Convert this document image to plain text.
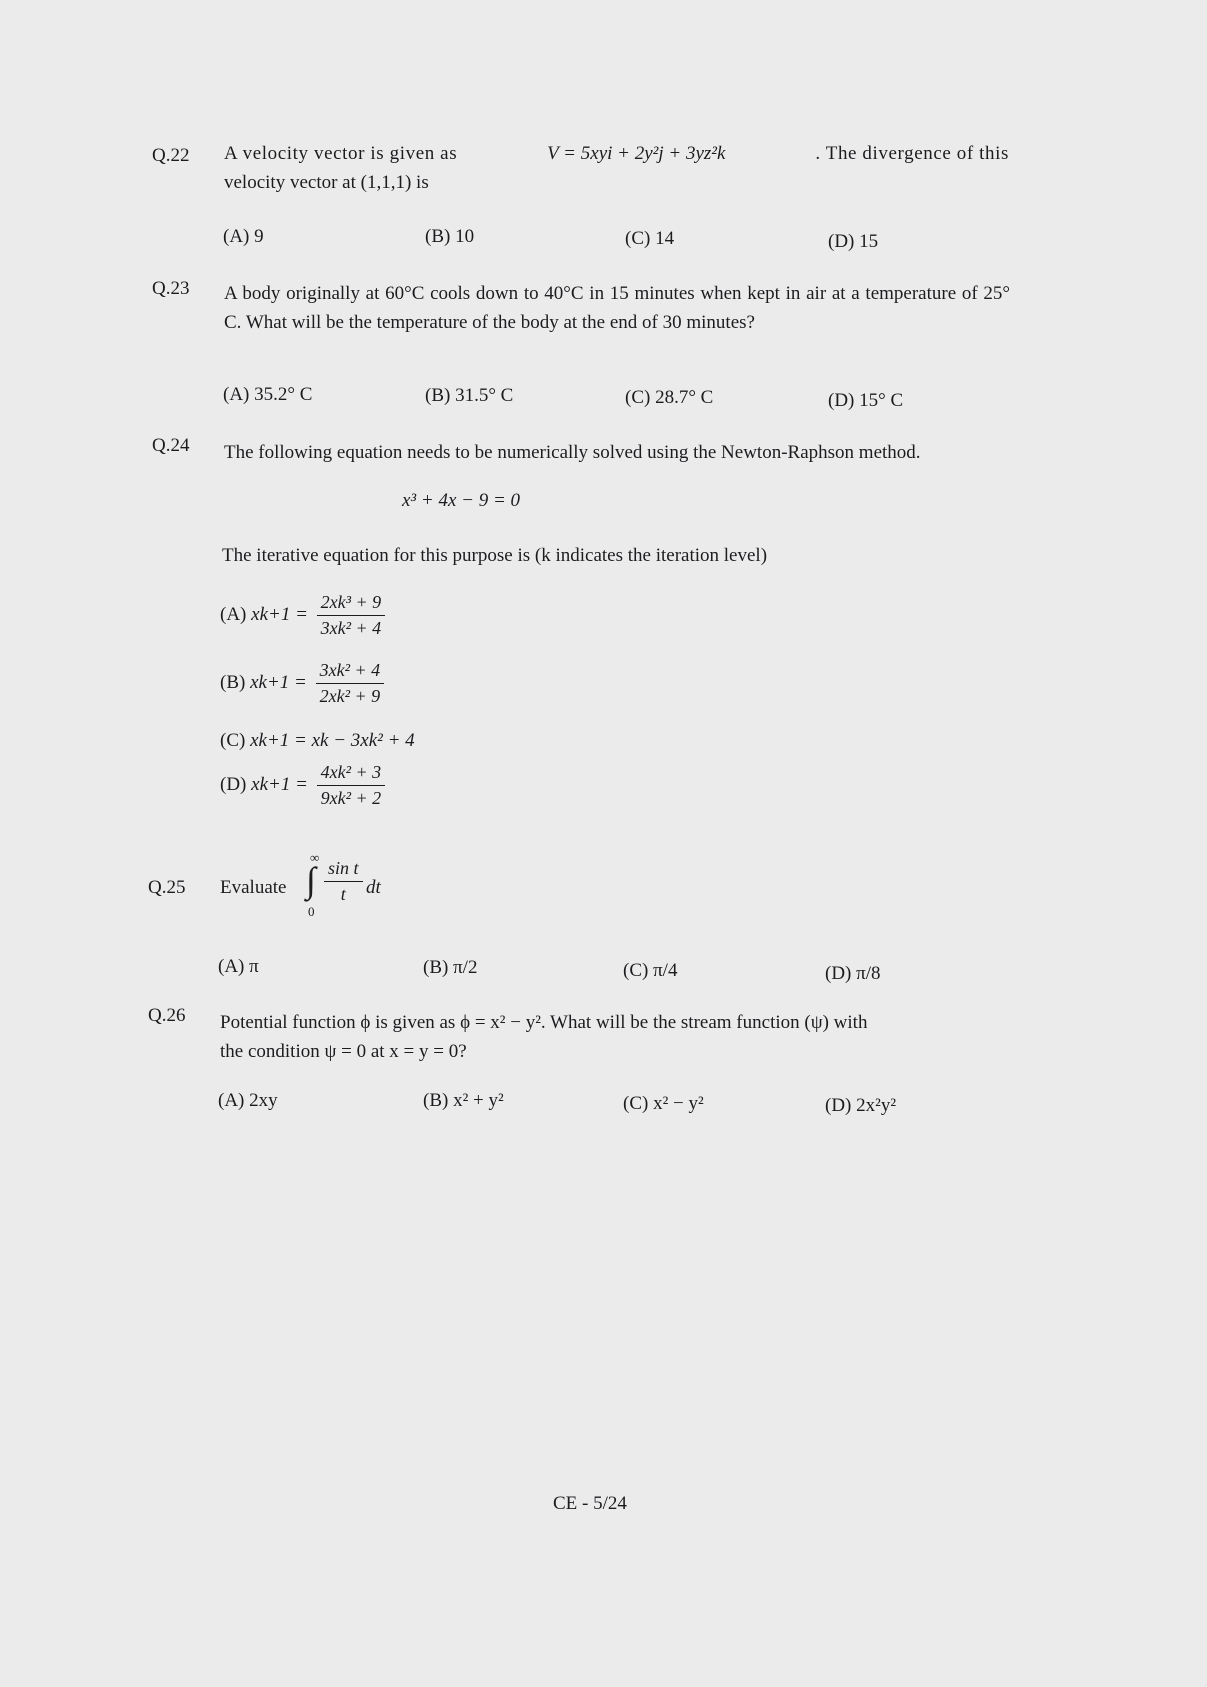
Q.22 A velocity vector is given as	V = 5xyi + 2y²j + 3yz²k	. The divergence of this
velocity vector at (1,1,1) is
(A) 9	(B) 10	(C) 14	(D) 15
Q.23 A body originally at 60°C cools down to 40°C in 15 minutes when kept in air at a temperature of 25° C. What will be the temperature of the body at the end of 30 minutes?
(A) 35.2° C	(B) 31.5° C	(C) 28.7° C	(D) 15° C
Q.24 The following equation needs to be numerically solved using the Newton-Raphson method.
x³ + 4x − 9 = 0
The iterative equation for this purpose is (k indicates the iteration level)
(A) $xk+1 = \frac{\text{2xk³ + 9}}{\text{3xk² + 4}}$
(B) $xk+1 = \frac{\text{3xk² + 4}}{\text{2xk² + 9}}$
(C) xk+1 = xk − 3xk² + 4
(D) $xk+1 = \frac{\text{4xk² + 3}}{\text{9xk² + 2}}$
Q.25 Evaluate
∞
∫
0
$\frac{\text{sin t}}{t}$ dt
(A) π	(B) π/2	(C) π/4	(D) π/8
Q.26 Potential function ϕ is given as ϕ = x² − y². What will be the stream function (ψ) with
the condition ψ = 0 at x = y = 0?
(A) 2xy	(B) x² + y²	(C) x² − y²	(D) 2x²y²
CE - 5/24
